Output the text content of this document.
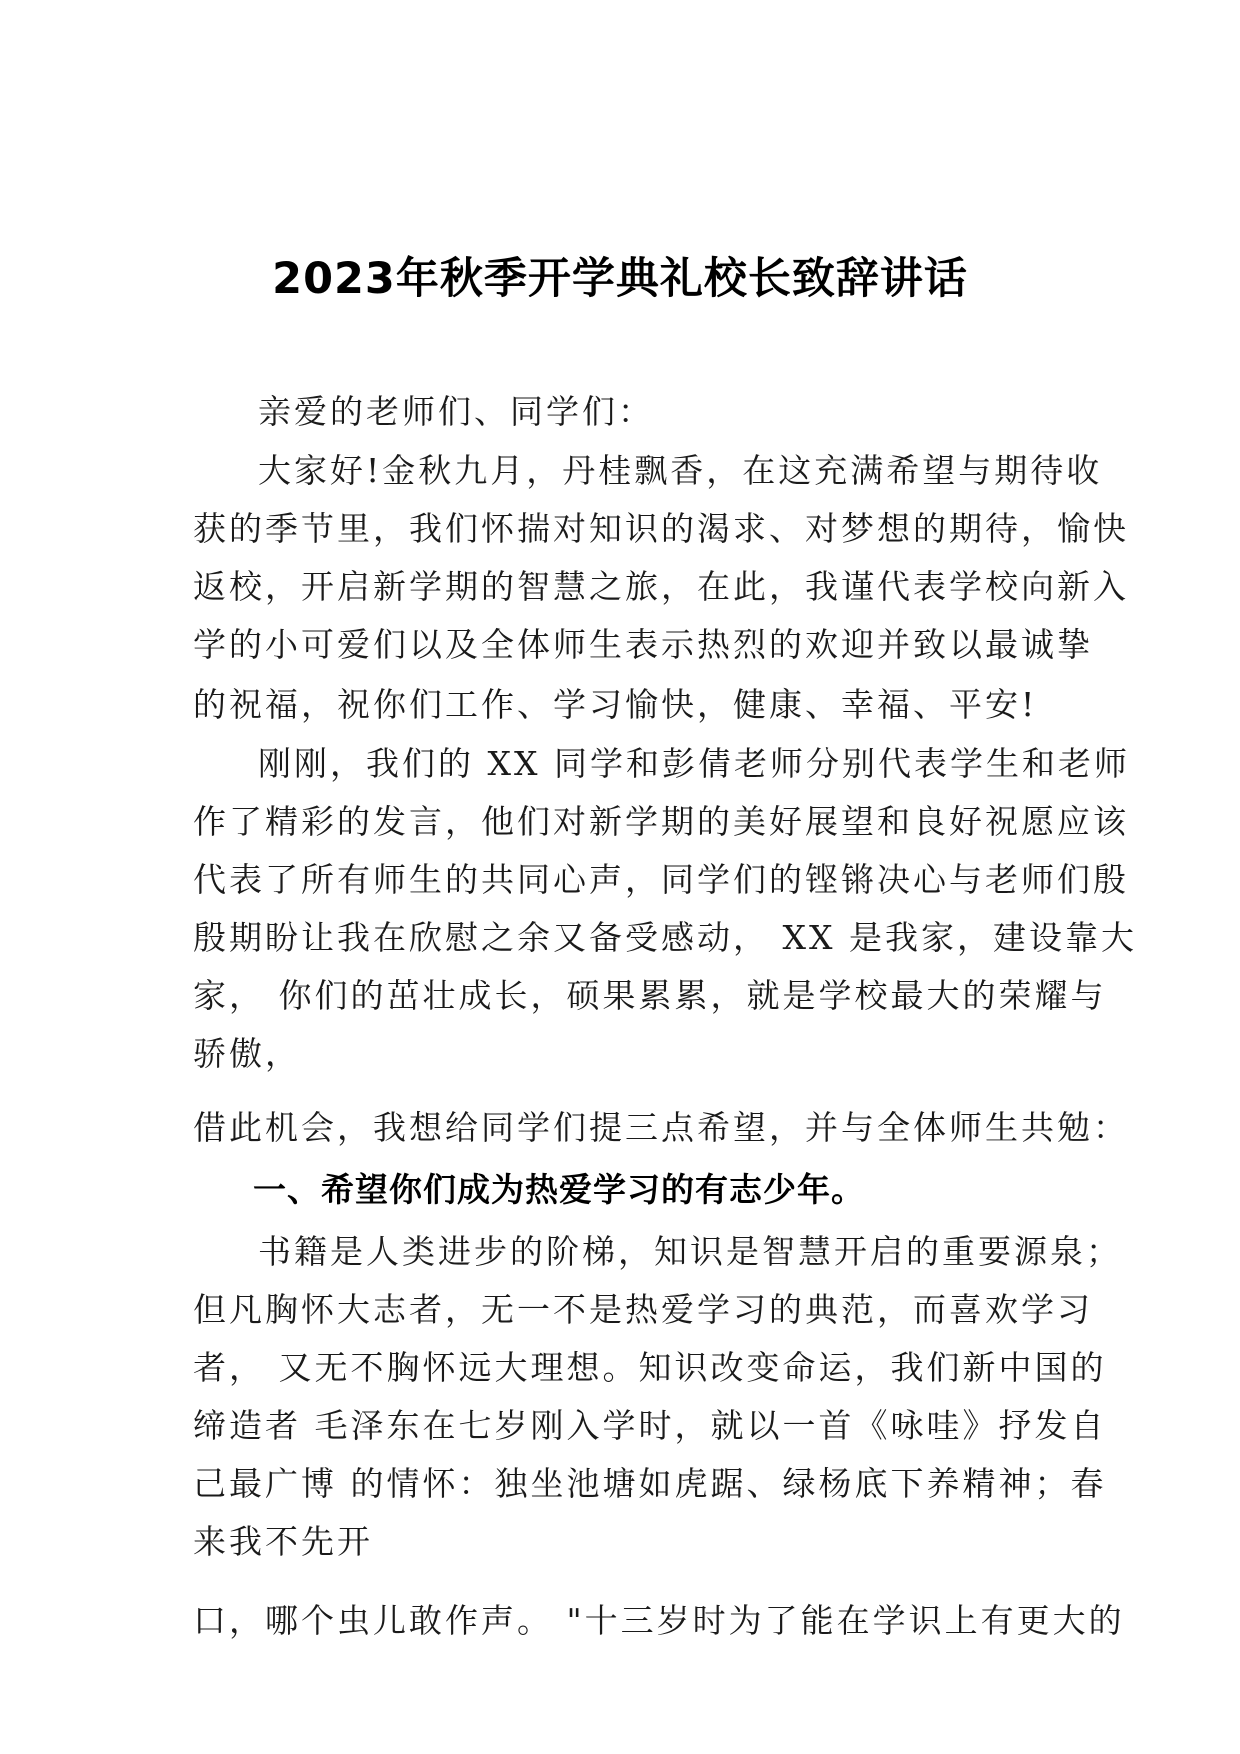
2023年秋季开学典礼校长致辞讲话
亲爱的老师们、同学们：
大家好!金秋九月，丹桂飘香，在这充满希望与期待收
获的季节里，我们怀揣对知识的渴求、对梦想的期待，愉快
返校，开启新学期的智慧之旅，在此，我谨代表学校向新入
学的小可爱们以及全体师生表示热烈的欢迎并致以最诚挚
的祝福，祝你们工作、学习愉快，健康、幸福、平安!
刚刚，我们的 XX 同学和彭倩老师分别代表学生和老师
作了精彩的发言，他们对新学期的美好展望和良好祝愿应该
代表了所有师生的共同心声，同学们的铿锵决心与老师们殷
殷期盼让我在欣慰之余又备受感动， XX 是我家，建设靠大
家， 你们的茁壮成长，硕果累累，就是学校最大的荣耀与
骄傲，
借此机会，我想给同学们提三点希望，并与全体师生共勉：
一、希望你们成为热爱学习的有志少年。
书籍是人类进步的阶梯，知识是智慧开启的重要源泉；
但凡胸怀大志者，无一不是热爱学习的典范，而喜欢学习
者， 又无不胸怀远大理想。知识改变命运，我们新中国的
缔造者 毛泽东在七岁刚入学时，就以一首《咏哇》抒发自
己最广博 的情怀：独坐池塘如虎踞、绿杨底下养精神；春
来我不先开
口，哪个虫儿敢作声。 "十三岁时为了能在学识上有更大的
